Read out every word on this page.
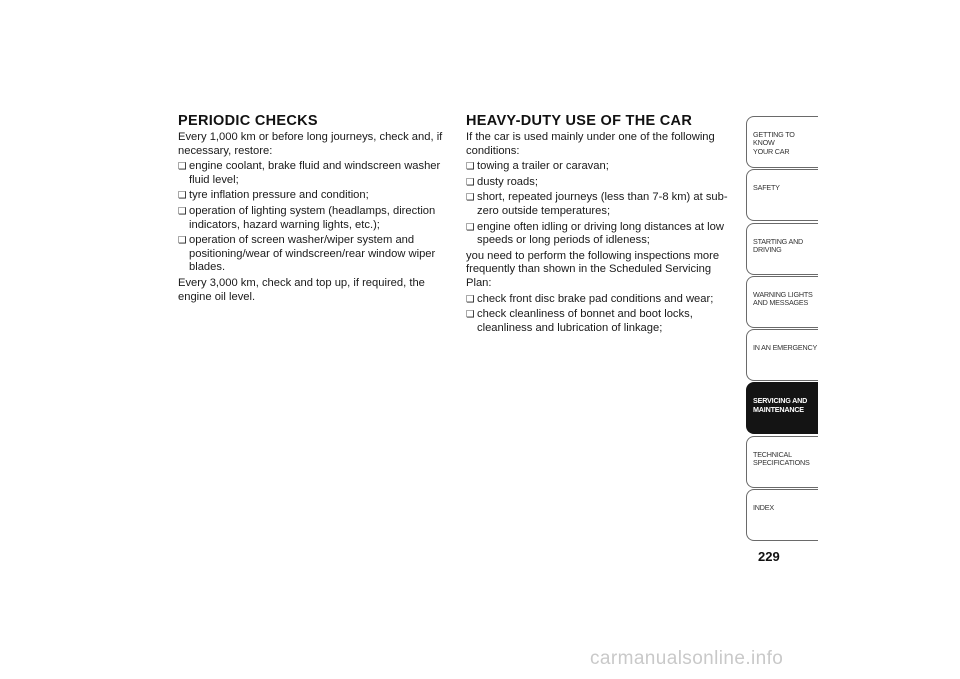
PERIODIC CHECKS

Every 1,000 km or before long journeys, check and, if necessary, restore:

❑ engine coolant, brake fluid and windscreen washer fluid level;
❑ tyre inflation pressure and condition;
❑ operation of lighting system (headlamps, direction indicators, hazard warning lights, etc.);
❑ operation of screen washer/wiper system and positioning/wear of windscreen/rear window wiper blades.

Every 3,000 km, check and top up, if required, the engine oil level.

HEAVY-DUTY USE OF THE CAR

If the car is used mainly under one of the following conditions:

❑ towing a trailer or caravan;
❑ dusty roads;
❑ short, repeated journeys (less than 7-8 km) at sub-zero outside temperatures;
❑ engine often idling or driving long distances at low speeds or long periods of idleness;

you need to perform the following inspections more frequently than shown in the Scheduled Servicing Plan:

❑ check front disc brake pad conditions and wear;
❑ check cleanliness of bonnet and boot locks, cleanliness and lubrication of linkage;
GETTING TO KNOW
YOUR CAR
SAFETY
STARTING AND
DRIVING
WARNING LIGHTS
AND MESSAGES
IN AN EMERGENCY
SERVICING AND
MAINTENANCE
TECHNICAL
SPECIFICATIONS
INDEX
229
carmanualsonline.info
